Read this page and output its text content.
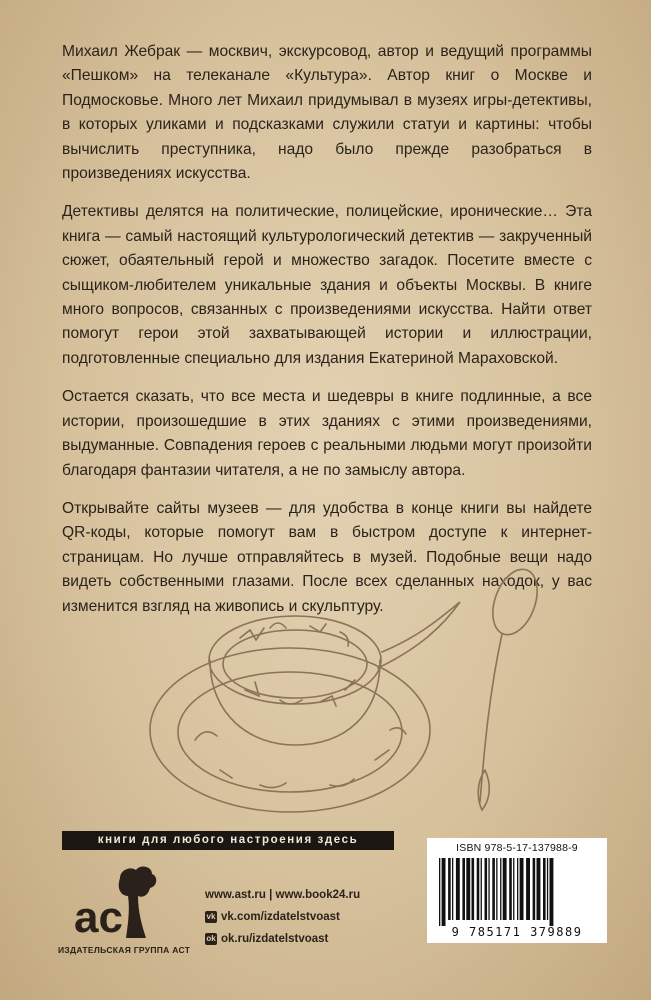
Михаил Жебрак — москвич, экскурсовод, автор и ведущий программы «Пешком» на телеканале «Культура». Автор книг о Москве и Подмосковье. Много лет Михаил придумывал в музеях игры-детективы, в которых уликами и подсказками служили статуи и картины: чтобы вычислить преступника, надо было прежде разобраться в произведениях искусства.

Детективы делятся на политические, полицейские, иронические… Эта книга — самый настоящий культурологический детектив — закрученный сюжет, обаятельный герой и множество загадок. Посетите вместе с сыщиком-любителем уникальные здания и объекты Москвы. В книге много вопросов, связанных с произведениями искусства. Найти ответ помогут герои этой захватывающей истории и иллюстрации, подготовленные специально для издания Екатериной Мараховской.

Остается сказать, что все места и шедевры в книге подлинные, а все истории, произошедшие в этих зданиях с этими произведениями, выдуманные. Совпадения героев с реальными людьми могут произойти благодаря фантазии читателя, а не по замыслу автора.

Открывайте сайты музеев — для удобства в конце книги вы найдете QR-коды, которые помогут вам в быстром доступе к интернет-страницам. Но лучше отправляйтесь в музей. Подобные вещи надо видеть собственными глазами. После всех сделанных находок, у вас изменится взгляд на живопись и скульптуру.

книги для любого настроения здесь
ac
ИЗДАТЕЛЬСКАЯ ГРУППА АСТ
www.ast.ru | www.book24.ru
vk vk.com/izdatelstvoast
ok ok.ru/izdatelstvoast
ISBN 978-5-17-137988-9
9 785171 379889
